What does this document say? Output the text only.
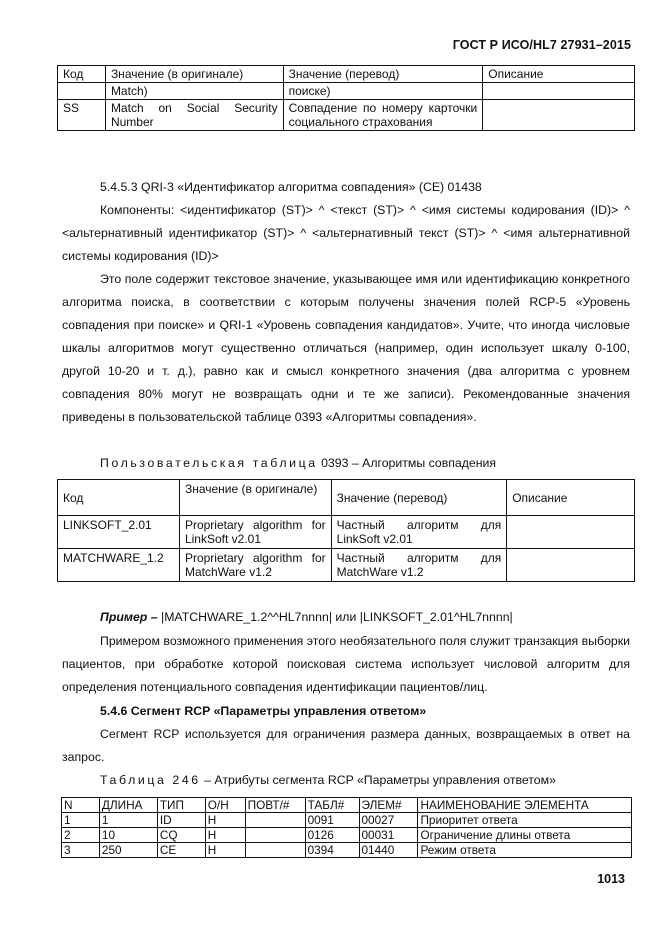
ГОСТ Р ИСО/HL7 27931–2015
Код	Значение (в оригинале)	Значение (перевод)	Описание
	Match)	поиске)	
SS	Match on Social Security Number	Совпадение по номеру карточки социального страхования	
5.4.5.3 QRI-3 «Идентификатор алгоритма совпадения» (СЕ) 01438
Компоненты: <идентификатор (ST)> ^ <текст (ST)> ^ <имя системы кодирования (ID)> ^ <альтернативный идентификатор (ST)> ^ <альтернативный текст (ST)> ^ <имя альтернативной системы кодирования (ID)>
Это поле содержит текстовое значение, указывающее имя или идентификацию конкретного алгоритма поиска, в соответствии с которым получены значения полей RCP-5 «Уровень совпадения при поиске» и QRI-1 «Уровень совпадения кандидатов». Учите, что иногда числовые шкалы алгоритмов могут существенно отличаться (например, один использует шкалу 0-100, другой 10-20 и т. д.), равно как и смысл конкретного значения (два алгоритма с уровнем совпадения 80% могут не возвращать одни и те же записи). Рекомендованные значения приведены в пользовательской таблице 0393 «Алгоритмы совпадения».
Пользовательская таблица 0393 – Алгоритмы совпадения
Код	Значение (в оригинале)	Значение (перевод)	Описание
LINKSOFT_2.01	Proprietary algorithm for LinkSoft v2.01	Частный алгоритм для LinkSoft v2.01	
MATCHWARE_1.2	Proprietary algorithm for MatchWare v1.2	Частный алгоритм для MatchWare v1.2	
Пример – |MATCHWARE_1.2^^HL7nnnn| или |LINKSOFT_2.01^HL7nnnn|
Примером возможного применения этого необязательного поля служит транзакция выборки пациентов, при обработке которой поисковая система использует числовой алгоритм для определения потенциального совпадения идентификации пациентов/лиц.
5.4.6 Сегмент RCP «Параметры управления ответом»
Сегмент RCP используется для ограничения размера данных, возвращаемых в ответ на запрос.
Таблица 246 – Атрибуты сегмента RCP «Параметры управления ответом»
N	ДЛИНА	ТИП	О/Н	ПОВТ/#	ТАБЛ#	ЭЛЕМ#	НАИМЕНОВАНИЕ ЭЛЕМЕНТА
1	1	ID	Н		0091	00027	Приоритет ответа
2	10	CQ	Н		0126	00031	Ограничение длины ответа
3	250	CE	Н		0394	01440	Режим ответа
1013
